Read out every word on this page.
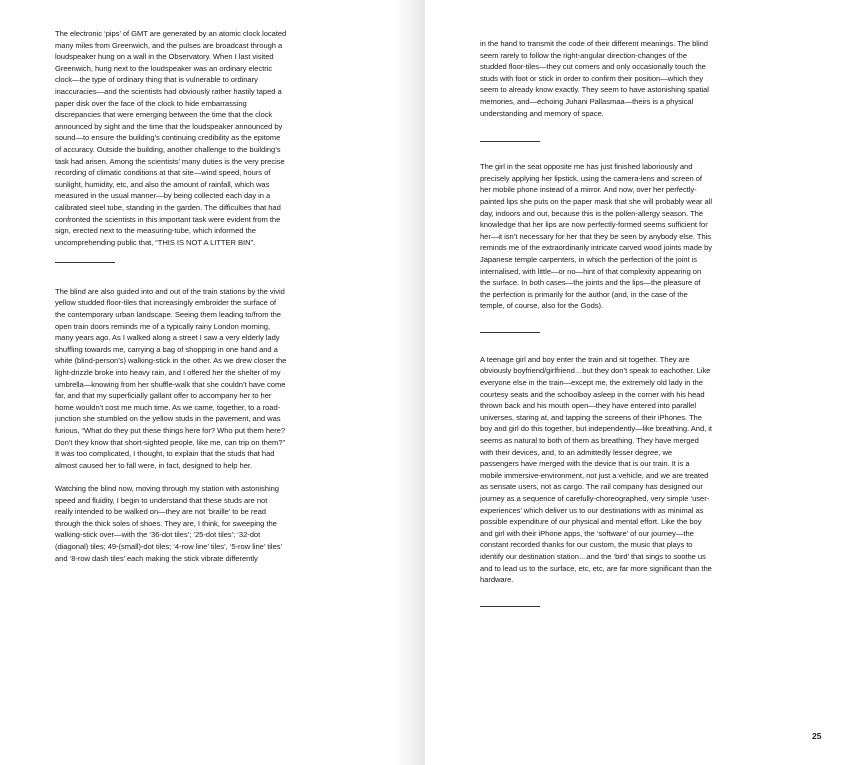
The electronic ‘pips’ of GMT are generated by an atomic clock located many miles from Greenwich, and the pulses are broadcast through a loudspeaker hung on a wall in the Observatory. When I last visited Greenwich, hung next to the loudspeaker was an ordinary electric clock—the type of ordinary thing that is vulnerable to ordinary inaccuracies—and the scientists had obviously rather hastily taped a paper disk over the face of the clock to hide embarrassing discrepancies that were emerging between the time that the clock announced by sight and the time that the loudspeaker announced by sound—to ensure the building’s continuing credibility as the epitome of accuracy. Outside the building, another challenge to the building’s task had arisen. Among the scientists’ many duties is the very precise recording of climatic conditions at that site—wind speed, hours of sunlight, humidity, etc, and also the amount of rainfall, which was measured in the usual manner—by being collected each day in a calibrated steel tube, standing in the garden. The difficulties that had confronted the scientists in this important task were evident from the sign, erected next to the measuring-tube, which informed the uncomprehending public that, “THIS IS NOT A LITTER BIN”.

The blind are also guided into and out of the train stations by the vivid yellow studded floor-tiles that increasingly embroider the surface of the contemporary urban landscape. Seeing them leading to/from the open train doors reminds me of a typically rainy London morning, many years ago. As I walked along a street I saw a very elderly lady shuffling towards me, carrying a bag of shopping in one hand and a white (blind-person’s) walking-stick in the other. As we drew closer the light-drizzle broke into heavy rain, and I offered her the shelter of my umbrella—knowing from her shuffle-walk that she couldn’t have come far, and that my superficially gallant offer to accompany her to her home wouldn’t cost me much time. As we came, together, to a road-junction she stumbled on the yellow studs in the pavement, and was furious, “What do they put these things here for? Who put them here? Don’t they know that short-sighted people, like me, can trip on them?” It was too complicated, I thought, to explain that the studs that had almost caused her to fall were, in fact, designed to help her.

Watching the blind now, moving through my station with astonishing speed and fluidity, I begin to understand that these studs are not really intended to be walked on—they are not ‘braille’ to be read through the thick soles of shoes. They are, I think, for sweeping the walking-stick over—with the ‘36-dot tiles’; ‘25-dot tiles’; ‘32-dot (diagonal) tiles; 49-(small)-dot tiles; ‘4-row line’ tiles’, ‘5-row line’ tiles’ and ‘8-row dash tiles’ each making the stick vibrate differently

in the hand to transmit the code of their different meanings. The blind seem rarely to follow the right-angular direction-changes of the studded floor-tiles—they cut corners and only occasionally touch the studs with foot or stick in order to confirm their position—which they seem to already know exactly. They seem to have astonishing spatial memories, and—echoing Juhani Pallasmaa—theirs is a physical understanding and memory of space.

The girl in the seat opposite me has just finished laboriously and precisely applying her lipstick, using the camera-lens and screen of her mobile phone instead of a mirror. And now, over her perfectly-painted lips she puts on the paper mask that she will probably wear all day, indoors and out, because this is the pollen-allergy season. The knowledge that her lips are now perfectly-formed seems sufficient for her—it isn’t necessary for her that they be seen by anybody else. This reminds me of the extraordinarily intricate carved wood joints made by Japanese temple carpenters, in which the perfection of the joint is internalised, with little—or no—hint of that complexity appearing on the surface. In both cases—the joints and the lips—the pleasure of the perfection is primarily for the author (and, in the case of the temple, of course, also for the Gods).

A teenage girl and boy enter the train and sit together. They are obviously boyfriend/girlfriend…but they don’t speak to eachother. Like everyone else in the train—except me, the extremely old lady in the courtesy seats and the schoolboy asleep in the corner with his head thrown back and his mouth open—they have entered into parallel universes, staring at, and tapping the screens of their iPhones. The boy and girl do this together, but independently—like breathing. And, it seems as natural to both of them as breathing. They have merged with their devices, and, to an admittedly lesser degree, we passengers have merged with the device that is our train. It is a mobile immersive-environment, not just a vehicle, and we are treated as sensate users, not as cargo. The rail company has designed our journey as a sequence of carefully-choreographed, very simple ‘user-experiences’ which deliver us to our destinations with as minimal as possible expenditure of our physical and mental effort. Like the boy and girl with their iPhone apps, the ‘software’ of our journey—the constant recorded thanks for our custom, the music that plays to identify our destination station…and the ‘bird’ that sings to soothe us and to lead us to the surface, etc, etc, are far more significant than the hardware.

25
